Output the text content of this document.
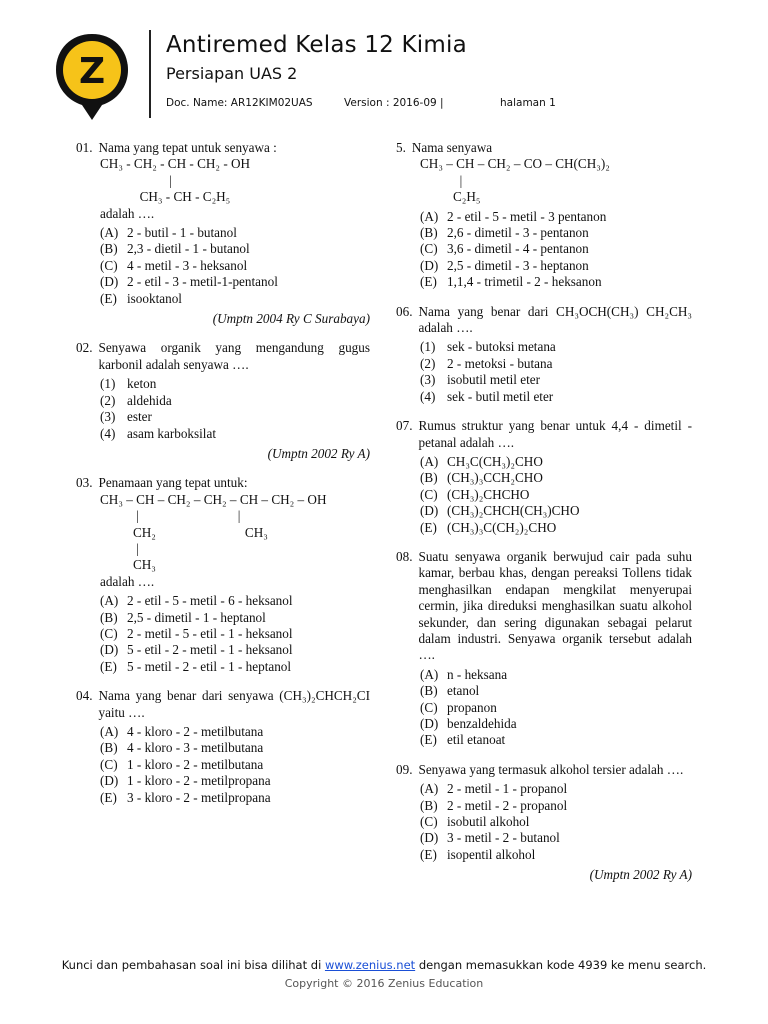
Z
Antiremed Kelas 12 Kimia
Persiapan UAS 2
Doc. Name: AR12KIM02UAS	Version : 2016-09 |	halaman 1
01. Nama yang tepat untuk senyawa :
CH₃ - CH₂ - CH - CH₂ - OH
|
CH₃ - CH - C₂H₅
adalah ….
(A) 2 - butil - 1 - butanol
(B) 2,3 - dietil - 1 - butanol
(C) 4 - metil - 3 - heksanol
(D) 2 - etil - 3 - metil-1-pentanol
(E) isooktanol
(Umptn 2004 Ry C Surabaya)
02. Senyawa organik yang mengandung gugus karbonil adalah senyawa ….
(1) keton
(2) aldehida
(3) ester
(4) asam karboksilat
(Umptn 2002 Ry A)
03. Penamaan yang tepat untuk:
CH₃ – CH – CH₂ – CH₂ – CH – CH₂ – OH
|                              |
CH₂                           CH₃
|
CH₃
adalah ….
(A) 2 - etil - 5 - metil - 6 - heksanol
(B) 2,5 - dimetil - 1 - heptanol
(C) 2 - metil - 5 - etil - 1 - heksanol
(D) 5 - etil - 2 - metil - 1 - heksanol
(E) 5 - metil - 2 - etil - 1 - heptanol
04. Nama yang benar dari senyawa (CH₃)₂CHCH₂CI yaitu ….
(A) 4 - kloro - 2 - metilbutana
(B) 4 - kloro - 3 - metilbutana
(C) 1 - kloro - 2 - metilbutana
(D) 1 - kloro - 2 - metilpropana
(E) 3 - kloro - 2 - metilpropana
5. Nama senyawa
CH₃ – CH – CH₂ – CO – CH(CH₃)₂
|
C₂H₅
(A) 2 - etil - 5 - metil - 3 pentanon
(B) 2,6 - dimetil - 3 - pentanon
(C) 3,6 - dimetil - 4 - pentanon
(D) 2,5 - dimetil - 3 - heptanon
(E) 1,1,4 - trimetil - 2 - heksanon
06. Nama yang benar dari CH₃OCH(CH₃) CH₂CH₃ adalah ….
(1) sek - butoksi metana
(2) 2 - metoksi - butana
(3) isobutil metil eter
(4) sek - butil metil eter
07. Rumus struktur yang benar untuk 4,4 - dimetil - petanal adalah ….
(A) CH₃C(CH₃)₂CHO
(B) (CH₃)₃CCH₂CHO
(C) (CH₃)₂CHCHO
(D) (CH₃)₂CHCH(CH₃)CHO
(E) (CH₃)₃C(CH₂)₂CHO
08. Suatu senyawa organik berwujud cair pada suhu kamar, berbau khas, dengan pereaksi Tollens tidak menghasilkan endapan mengkilat menyerupai cermin, jika direduksi menghasilkan suatu alkohol sekunder, dan sering digunakan sebagai pelarut dalam industri. Senyawa organik tersebut adalah ….
(A) n - heksana
(B) etanol
(C) propanon
(D) benzaldehida
(E) etil etanoat
09. Senyawa yang termasuk alkohol tersier adalah ….
(A) 2 - metil - 1 - propanol
(B) 2 - metil - 2 - propanol
(C) isobutil alkohol
(D) 3 - metil - 2 - butanol
(E) isopentil alkohol
(Umptn 2002 Ry A)
Kunci dan pembahasan soal ini bisa dilihat di www.zenius.net dengan memasukkan kode 4939 ke menu search.
Copyright © 2016 Zenius Education
